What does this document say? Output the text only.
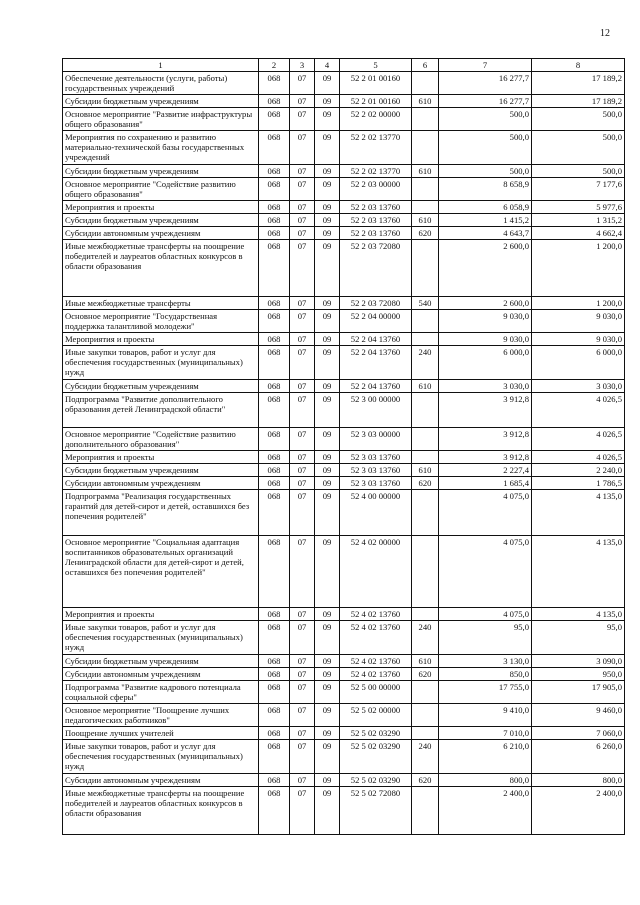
12
1	2	3	4	5	6	7	8
Обеспечение деятельности (услуги, работы) государственных учреждений	068	07	09	52 2 01 00160		16 277,7	17 189,2
Субсидии бюджетным учреждениям	068	07	09	52 2 01 00160	610	16 277,7	17 189,2
Основное мероприятие "Развитие инфраструктуры общего образования"	068	07	09	52 2 02 00000		500,0	500,0
Мероприятия по сохранению и развитию материально-технической базы государственных учреждений	068	07	09	52 2 02 13770		500,0	500,0
Субсидии бюджетным учреждениям	068	07	09	52 2 02 13770	610	500,0	500,0
Основное мероприятие "Содействие развитию общего образования"	068	07	09	52 2 03 00000		8 658,9	7 177,6
Мероприятия и проекты	068	07	09	52 2 03 13760		6 058,9	5 977,6
Субсидии бюджетным учреждениям	068	07	09	52 2 03 13760	610	1 415,2	1 315,2
Субсидии автономным учреждениям	068	07	09	52 2 03 13760	620	4 643,7	4 662,4
Иные межбюджетные трансферты на поощрение победителей и лауреатов областных конкурсов в области образования	068	07	09	52 2 03 72080		2 600,0	1 200,0
Иные межбюджетные трансферты	068	07	09	52 2 03 72080	540	2 600,0	1 200,0
Основное мероприятие "Государственная поддержка талантливой молодежи"	068	07	09	52 2 04 00000		9 030,0	9 030,0
Мероприятия и проекты	068	07	09	52 2 04 13760		9 030,0	9 030,0
Иные закупки товаров, работ и услуг для обеспечения государственных (муниципальных) нужд	068	07	09	52 2 04 13760	240	6 000,0	6 000,0
Субсидии бюджетным учреждениям	068	07	09	52 2 04 13760	610	3 030,0	3 030,0
Подпрограмма "Развитие дополнительного образования детей Ленинградской области"	068	07	09	52 3 00 00000		3 912,8	4 026,5
Основное мероприятие "Содействие развитию дополнительного образования"	068	07	09	52 3 03 00000		3 912,8	4 026,5
Мероприятия и проекты	068	07	09	52 3 03 13760		3 912,8	4 026,5
Субсидии бюджетным учреждениям	068	07	09	52 3 03 13760	610	2 227,4	2 240,0
Субсидии автономным учреждениям	068	07	09	52 3 03 13760	620	1 685,4	1 786,5
Подпрограмма "Реализация государственных гарантий для детей-сирот и детей, оставшихся без попечения родителей"	068	07	09	52 4 00 00000		4 075,0	4 135,0
Основное мероприятие "Социальная адаптация воспитанников образовательных организаций Ленинградской области для детей-сирот и детей, оставшихся без попечения родителей"	068	07	09	52 4 02 00000		4 075,0	4 135,0
Мероприятия и проекты	068	07	09	52 4 02 13760		4 075,0	4 135,0
Иные закупки товаров, работ и услуг для обеспечения государственных (муниципальных) нужд	068	07	09	52 4 02 13760	240	95,0	95,0
Субсидии бюджетным учреждениям	068	07	09	52 4 02 13760	610	3 130,0	3 090,0
Субсидии автономным учреждениям	068	07	09	52 4 02 13760	620	850,0	950,0
Подпрограмма "Развитие кадрового потенциала социальной сферы"	068	07	09	52 5 00 00000		17 755,0	17 905,0
Основное мероприятие "Поощрение лучших педагогических работников"	068	07	09	52 5 02 00000		9 410,0	9 460,0
Поощрение лучших учителей	068	07	09	52 5 02 03290		7 010,0	7 060,0
Иные закупки товаров, работ и услуг для обеспечения государственных (муниципальных) нужд	068	07	09	52 5 02 03290	240	6 210,0	6 260,0
Субсидии автономным учреждениям	068	07	09	52 5 02 03290	620	800,0	800,0
Иные межбюджетные трансферты на поощрение победителей и лауреатов областных конкурсов в области образования	068	07	09	52 5 02 72080		2 400,0	2 400,0
